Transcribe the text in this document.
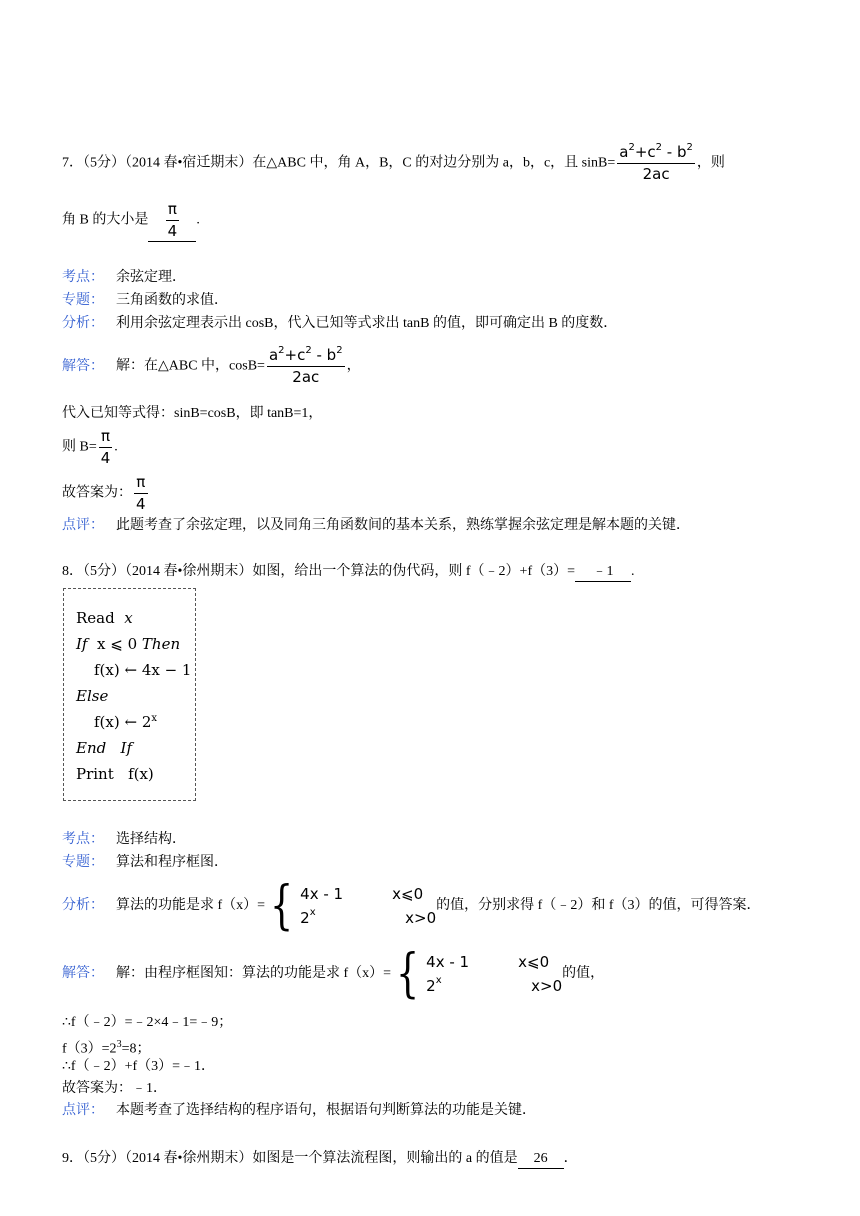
7．（5分）（2014 春•宿迁期末）在△ABC 中，角 A，B，C 的对边分别为 a，b，c，且 $\sin B= \frac{a^2+c^2 - b^2}{2ac}$ ，则
角 B 的大小是 $\frac{\pi}{4}$ .
考点： 余弦定理．
专题： 三角函数的求值．
分析： 利用余弦定理表示出 cosB，代入已知等式求出 tanB 的值，即可确定出 B 的度数．
解答： 解：在△ABC 中，$\cos B= \frac{a^2+c^2 - b^2}{2ac}$ ，
代入已知等式得：sinB=cosB，即 tanB=1，
则 $B= \frac{\pi}{4}$ .
故答案为： $\frac{\pi}{4}$
点评： 此题考查了余弦定理，以及同角三角函数间的基本关系，熟练掌握余弦定理是解本题的关键．
8．（5分）（2014 春•徐州期末）如图，给出一个算法的伪代码，则 f（﹣2）+f（3）= ﹣1 .
Read x
If x ⩽ 0 Then
f(x) ← 4x − 1
Else
f(x) ← 2$^x$
End If
Print f(x)
考点： 选择结构．
专题： 算法和程序框图．
分析： 算法的功能是求 f（x）= { 4x - 1	x⩽0
2$^x$	x>0
的值，分别求得 f（﹣2）和 f（3）的值，可得答案．
解答： 解：由程序框图知：算法的功能是求 f（x）= { 4x - 1	x⩽0
2$^x$	x>0
的值，
∴f（﹣2）=﹣2×4﹣1=﹣9；
$f(3)=2^3=8$；
∴f（﹣2）+f（3）=﹣1．
故答案为：﹣1．
点评： 本题考查了选择结构的程序语句，根据语句判断算法的功能是关键．
9．（5分）（2014 春•徐州期末）如图是一个算法流程图，则输出的 a 的值是 26 ．
